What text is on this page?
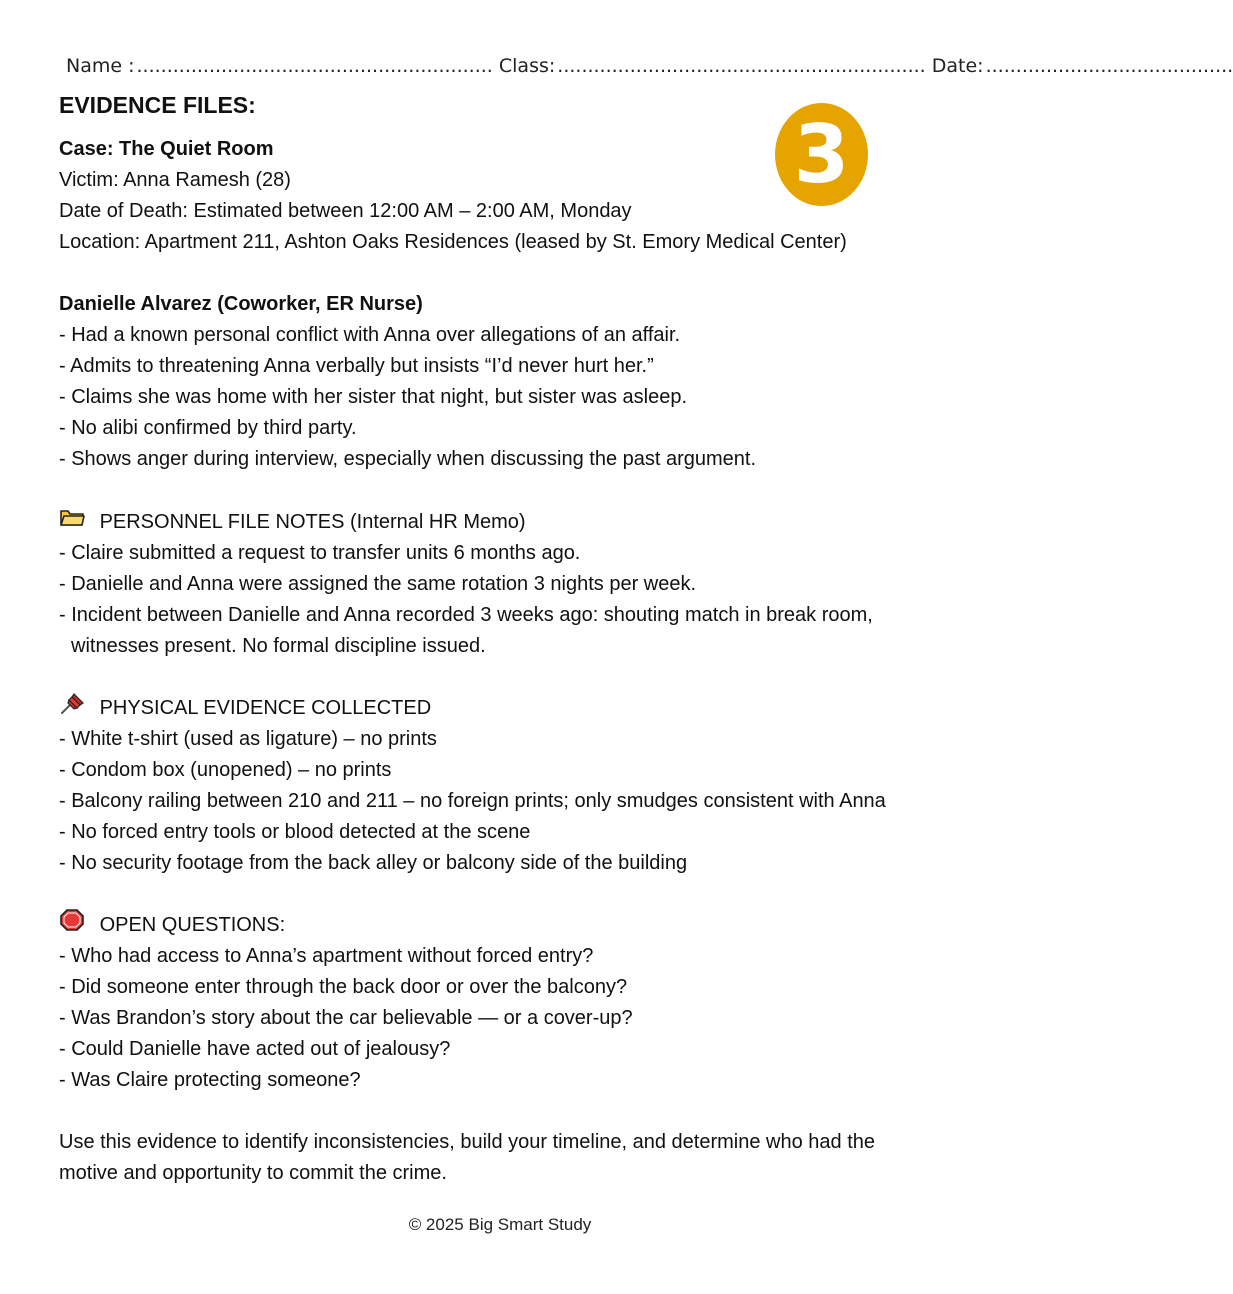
Name : ........................................................... Class: ............................................................. Date: .........................................
EVIDENCE FILES:
3
Case: The Quiet Room
Victim: Anna Ramesh (28)
Date of Death: Estimated between 12:00 AM – 2:00 AM, Monday
Location: Apartment 211, Ashton Oaks Residences (leased by St. Emory Medical Center)
Danielle Alvarez (Coworker, ER Nurse)
- Had a known personal conflict with Anna over allegations of an affair.
- Admits to threatening Anna verbally but insists “I’d never hurt her.”
- Claims she was home with her sister that night, but sister was asleep.
- No alibi confirmed by third party.
- Shows anger during interview, especially when discussing the past argument.
PERSONNEL FILE NOTES (Internal HR Memo)
- Claire submitted a request to transfer units 6 months ago.
- Danielle and Anna were assigned the same rotation 3 nights per week.
- Incident between Danielle and Anna recorded 3 weeks ago: shouting match in break room,
witnesses present. No formal discipline issued.
PHYSICAL EVIDENCE COLLECTED
- White t-shirt (used as ligature) – no prints
- Condom box (unopened) – no prints
- Balcony railing between 210 and 211 – no foreign prints; only smudges consistent with Anna
- No forced entry tools or blood detected at the scene
- No security footage from the back alley or balcony side of the building
OPEN QUESTIONS:
- Who had access to Anna’s apartment without forced entry?
- Did someone enter through the back door or over the balcony?
- Was Brandon’s story about the car believable — or a cover-up?
- Could Danielle have acted out of jealousy?
- Was Claire protecting someone?
Use this evidence to identify inconsistencies, build your timeline, and determine who had the
motive and opportunity to commit the crime.
© 2025 Big Smart Study
